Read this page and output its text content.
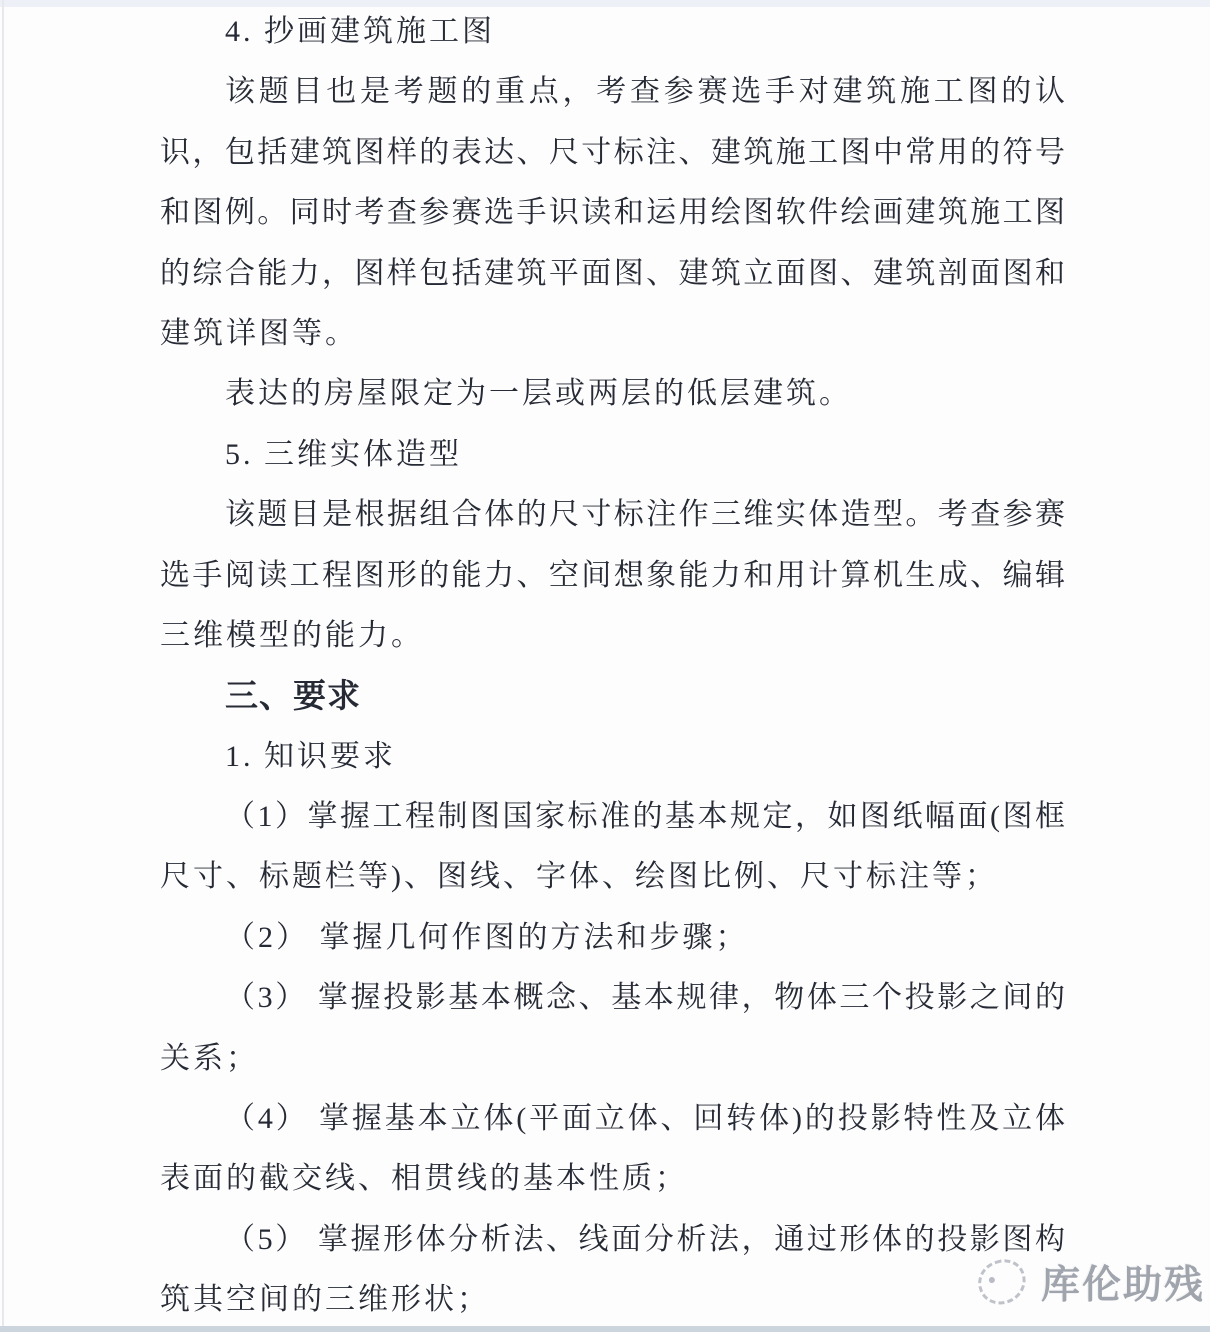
4. 抄画建筑施工图
该题目也是考题的重点，考查参赛选手对建筑施工图的认
识，包括建筑图样的表达、尺寸标注、建筑施工图中常用的符号
和图例。同时考查参赛选手识读和运用绘图软件绘画建筑施工图
的综合能力，图样包括建筑平面图、建筑立面图、建筑剖面图和
建筑详图等。
表达的房屋限定为一层或两层的低层建筑。
5. 三维实体造型
该题目是根据组合体的尺寸标注作三维实体造型。考查参赛
选手阅读工程图形的能力、空间想象能力和用计算机生成、编辑
三维模型的能力。
三、要求
1. 知识要求
（1）掌握工程制图国家标准的基本规定，如图纸幅面(图框
尺寸、标题栏等)、图线、字体、绘图比例、尺寸标注等；
（2） 掌握几何作图的方法和步骤；
（3） 掌握投影基本概念、基本规律，物体三个投影之间的
关系；
（4） 掌握基本立体(平面立体、回转体)的投影特性及立体
表面的截交线、相贯线的基本性质；
（5） 掌握形体分析法、线面分析法，通过形体的投影图构
筑其空间的三维形状；	库伦助残
